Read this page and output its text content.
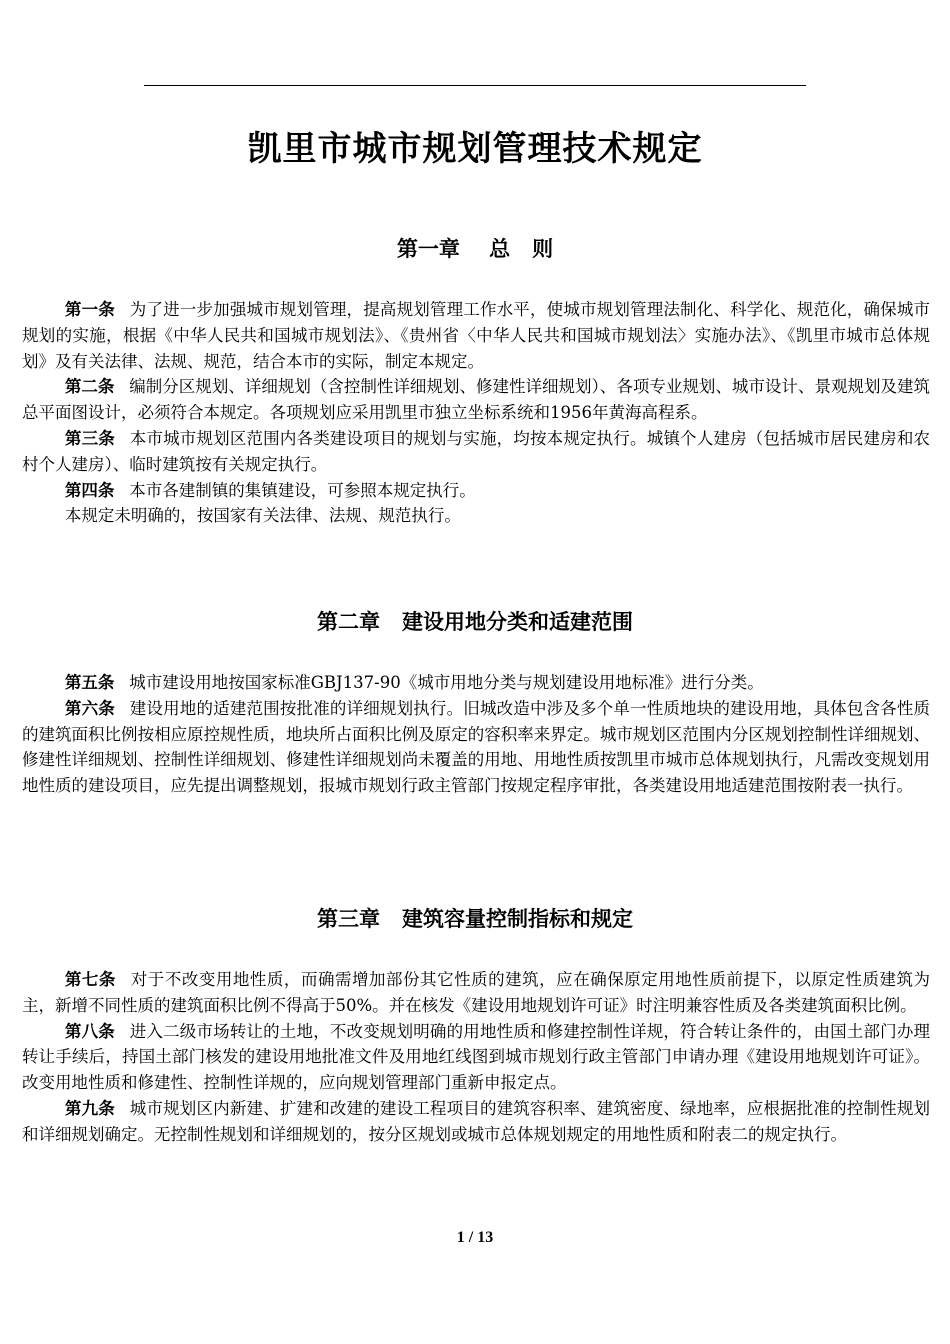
凯里市城市规划管理技术规定
第一章    总   则

第一条 为了进一步加强城市规划管理，提高规划管理工作水平，使城市规划管理法制化、科学化、规范化，确保城市规划的实施，根据《中华人民共和国城市规划法》、《贵州省〈中华人民共和国城市规划法〉实施办法》、《凯里市城市总体规划》及有关法律、法规、规范，结合本市的实际，制定本规定。

第二条 编制分区规划、详细规划（含控制性详细规划、修建性详细规划）、各项专业规划、城市设计、景观规划及建筑总平面图设计，必须符合本规定。各项规划应采用凯里市独立坐标系统和1956年黄海高程系。

第三条 本市城市规划区范围内各类建设项目的规划与实施，均按本规定执行。城镇个人建房（包括城市居民建房和农村个人建房）、临时建筑按有关规定执行。

第四条 本市各建制镇的集镇建设，可参照本规定执行。

本规定未明确的，按国家有关法律、法规、规范执行。

第二章   建设用地分类和适建范围

第五条 城市建设用地按国家标准GBJ137-90《城市用地分类与规划建设用地标准》进行分类。

第六条 建设用地的适建范围按批准的详细规划执行。旧城改造中涉及多个单一性质地块的建设用地，具体包含各性质的建筑面积比例按相应原控规性质，地块所占面积比例及原定的容积率来界定。城市规划区范围内分区规划控制性详细规划、修建性详细规划、控制性详细规划、修建性详细规划尚未覆盖的用地、用地性质按凯里市城市总体规划执行，凡需改变规划用地性质的建设项目，应先提出调整规划，报城市规划行政主管部门按规定程序审批，各类建设用地适建范围按附表一执行。

第三章   建筑容量控制指标和规定

第七条 对于不改变用地性质，而确需增加部份其它性质的建筑，应在确保原定用地性质前提下，以原定性质建筑为主，新增不同性质的建筑面积比例不得高于50%。并在核发《建设用地规划许可证》时注明兼容性质及各类建筑面积比例。

第八条 进入二级市场转让的土地，不改变规划明确的用地性质和修建控制性详规，符合转让条件的，由国土部门办理转让手续后，持国土部门核发的建设用地批准文件及用地红线图到城市规划行政主管部门申请办理《建设用地规划许可证》。改变用地性质和修建性、控制性详规的，应向规划管理部门重新申报定点。

第九条 城市规划区内新建、扩建和改建的建设工程项目的建筑容积率、建筑密度、绿地率，应根据批准的控制性规划和详细规划确定。无控制性规划和详细规划的，按分区规划或城市总体规划规定的用地性质和附表二的规定执行。

1 / 13
